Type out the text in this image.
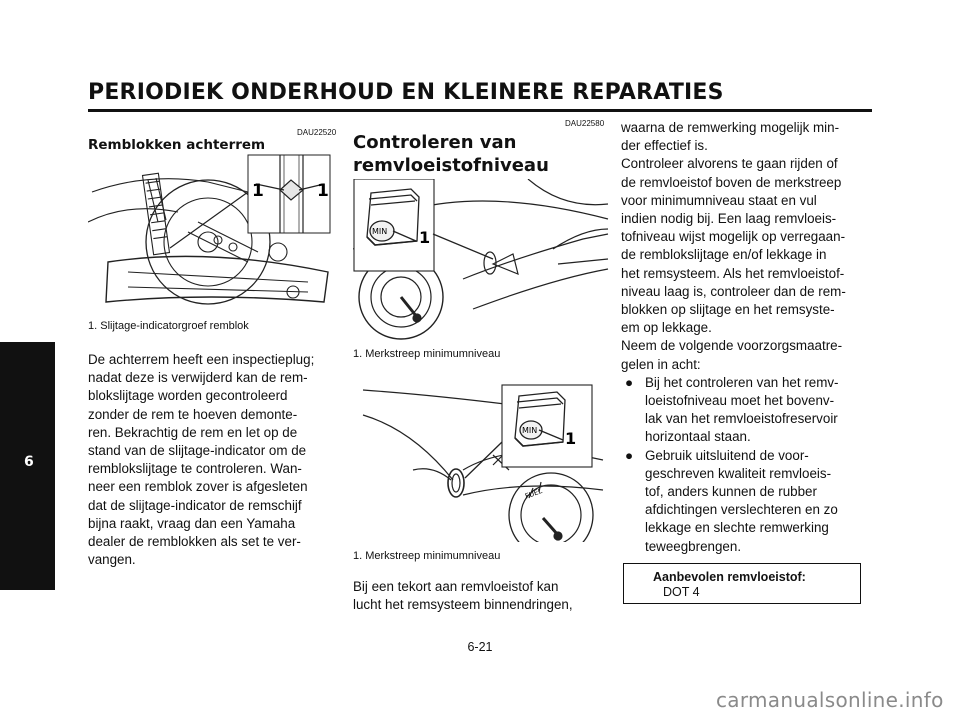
PERIODIEK ONDERHOUD EN KLEINERE REPARATIES
6
DAU22520
Remblokken achterrem
1	1
1. Slijtage-indicatorgroef remblok

De achterrem heeft een inspectieplug;

nadat deze is verwijderd kan de rem-

blokslijtage worden gecontroleerd

zonder de rem te hoeven demonte-

ren. Bekrachtig de rem en let op de

stand van de slijtage-indicator om de

remblokslijtage te controleren. Wan-

neer een remblok zover is afgesleten

dat de slijtage-indicator de remschijf

bijna raakt, vraag dan een Yamaha

dealer de remblokken als set te ver-

vangen.

DAU22580
Controleren van
remvloeistofniveau
MIN 1
1. Merkstreep minimumniveau
FUEL
MIN 1
1. Merkstreep minimumniveau

Bij een tekort aan remvloeistof kan

lucht het remsysteem binnendringen,

waarna de remwerking mogelijk min-

der effectief is.

Controleer alvorens te gaan rijden of

de remvloeistof boven de merkstreep

voor minimumniveau staat en vul

indien nodig bij. Een laag remvloeis-

tofniveau wijst mogelijk op verregaan-

de remblokslijtage en/of lekkage in

het remsysteem. Als het remvloeistof-

niveau laag is, controleer dan de rem-

blokken op slijtage en het remsyste-

em op lekkage.

Neem de volgende voorzorgsmaatre-

gelen in acht:

● Bij het controleren van het remv-

loeistofniveau moet het bovenv-

lak van het remvloeistofreservoir

horizontaal staan.

● Gebruik uitsluitend de voor-

geschreven kwaliteit remvloeis-

tof, anders kunnen de rubber

afdichtingen verslechteren en zo

lekkage en slechte remwerking

teweegbrengen.

Aanbevolen remvloeistof:
DOT 4
6-21
carmanualsonline.info
